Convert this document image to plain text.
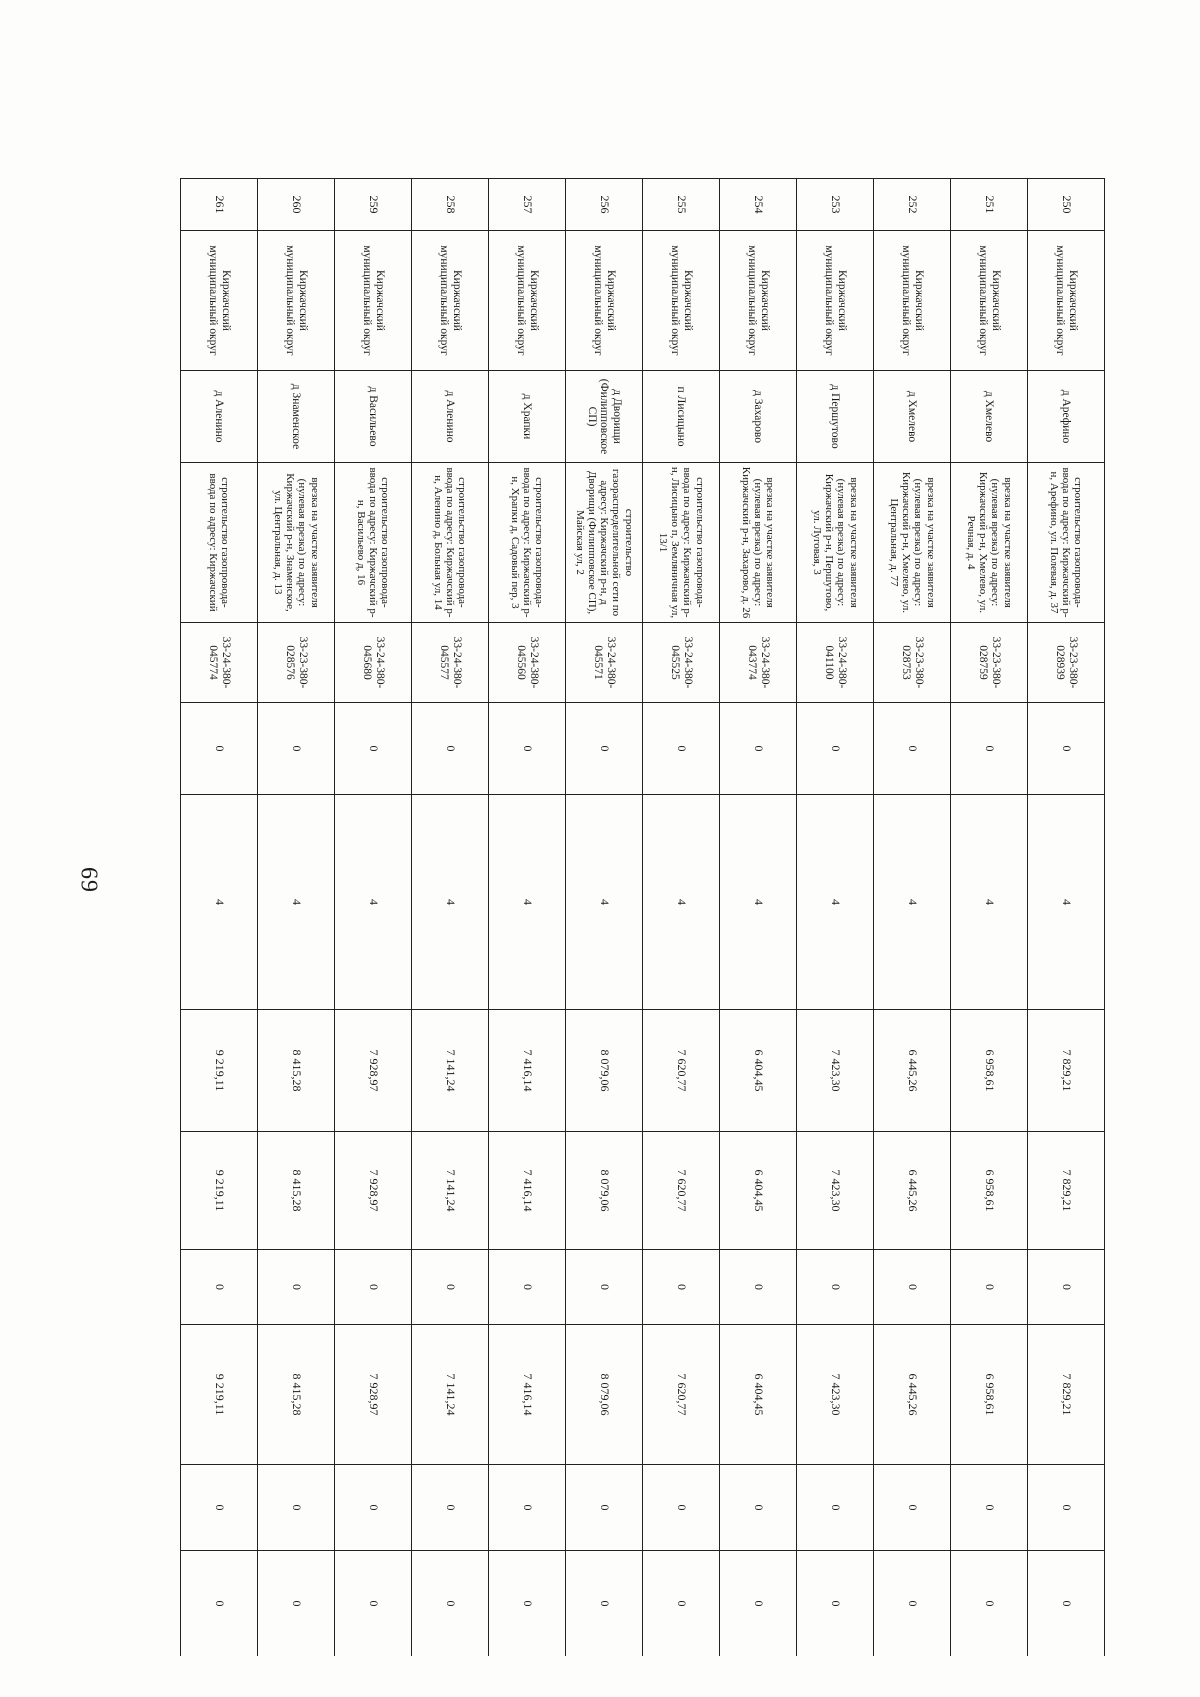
69
250	Киржачский муниципальный округ	д Арефино	строительство газопровода-ввода по адресу: Киржачский р-н, Арефино, ул. Полевая, д. 37	33-23-380-028939	0	4	7 829,21	7 829,21	0	7 829,21	0	0
251	Киржачский муниципальный округ	д Хмелево	врезка на участке заявителя (нулевая врезка) по адресу: Киржачский р-н, Хмелево, ул. Речная, д. 4	33-23-380-028759	0	4	6 958,61	6 958,61	0	6 958,61	0	0
252	Киржачский муниципальный округ	д Хмелево	врезка на участке заявителя (нулевая врезка) по адресу: Киржачский р-н, Хмелево, ул. Центральная, д. 77	33-23-380-028753	0	4	6 445,26	6 445,26	0	6 445,26	0	0
253	Киржачский муниципальный округ	д Першутово	врезка на участке заявителя (нулевая врезка) по адресу: Киржачский р-н, Першутово, ул. Луговая, 3	33-24-380-041100	0	4	7 423,30	7 423,30	0	7 423,30	0	0
254	Киржачский муниципальный округ	д Захарово	врезка на участке заявителя (нулевая врезка) по адресу: Киржачский р-н, Захарово, д. 26	33-24-380-043774	0	4	6 404,45	6 404,45	0	6 404,45	0	0
255	Киржачский муниципальный округ	п Лисицыно	строительство газопровода-ввода по адресу: Киржачский р-н, Лисицыно п, Земляничная ул, 13/1	33-24-380-045525	0	4	7 620,77	7 620,77	0	7 620,77	0	0
256	Киржачский муниципальный округ	д Дворищи (Филипповское СП)	строительство газораспределительной сети по адресу: Киржачский р-н, д Дворищи (Филипповское СП), Майская ул, 2	33-24-380-045571	0	4	8 079,06	8 079,06	0	8 079,06	0	0
257	Киржачский муниципальный округ	д Храпки	строительство газопровода-ввода по адресу: Киржачский р-н, Храпки д, Садовый пер, 3	33-24-380-045560	0	4	7 416,14	7 416,14	0	7 416,14	0	0
258	Киржачский муниципальный округ	д Аленино	строительство газопровода-ввода по адресу: Киржачский р-н, Аленино д, Больная ул, 14	33-24-380-045577	0	4	7 141,24	7 141,24	0	7 141,24	0	0
259	Киржачский муниципальный округ	д Васильево	строительство газопровода-ввода по адресу: Киржачский р-н, Васильево д, 16	33-24-380-045680	0	4	7 928,97	7 928,97	0	7 928,97	0	0
260	Киржачский муниципальный округ	д Знаменское	врезка на участке заявителя (нулевая врезка) по адресу: Киржачский р-н, Знаменское, ул. Центральная, д. 13	33-23-380-028576	0	4	8 415,28	8 415,28	0	8 415,28	0	0
261	Киржачский муниципальный округ	д Аленино	строительство газопровода-ввода по адресу: Киржачский	33-24-380-045774	0	4	9 219,11	9 219,11	0	9 219,11	0	0
